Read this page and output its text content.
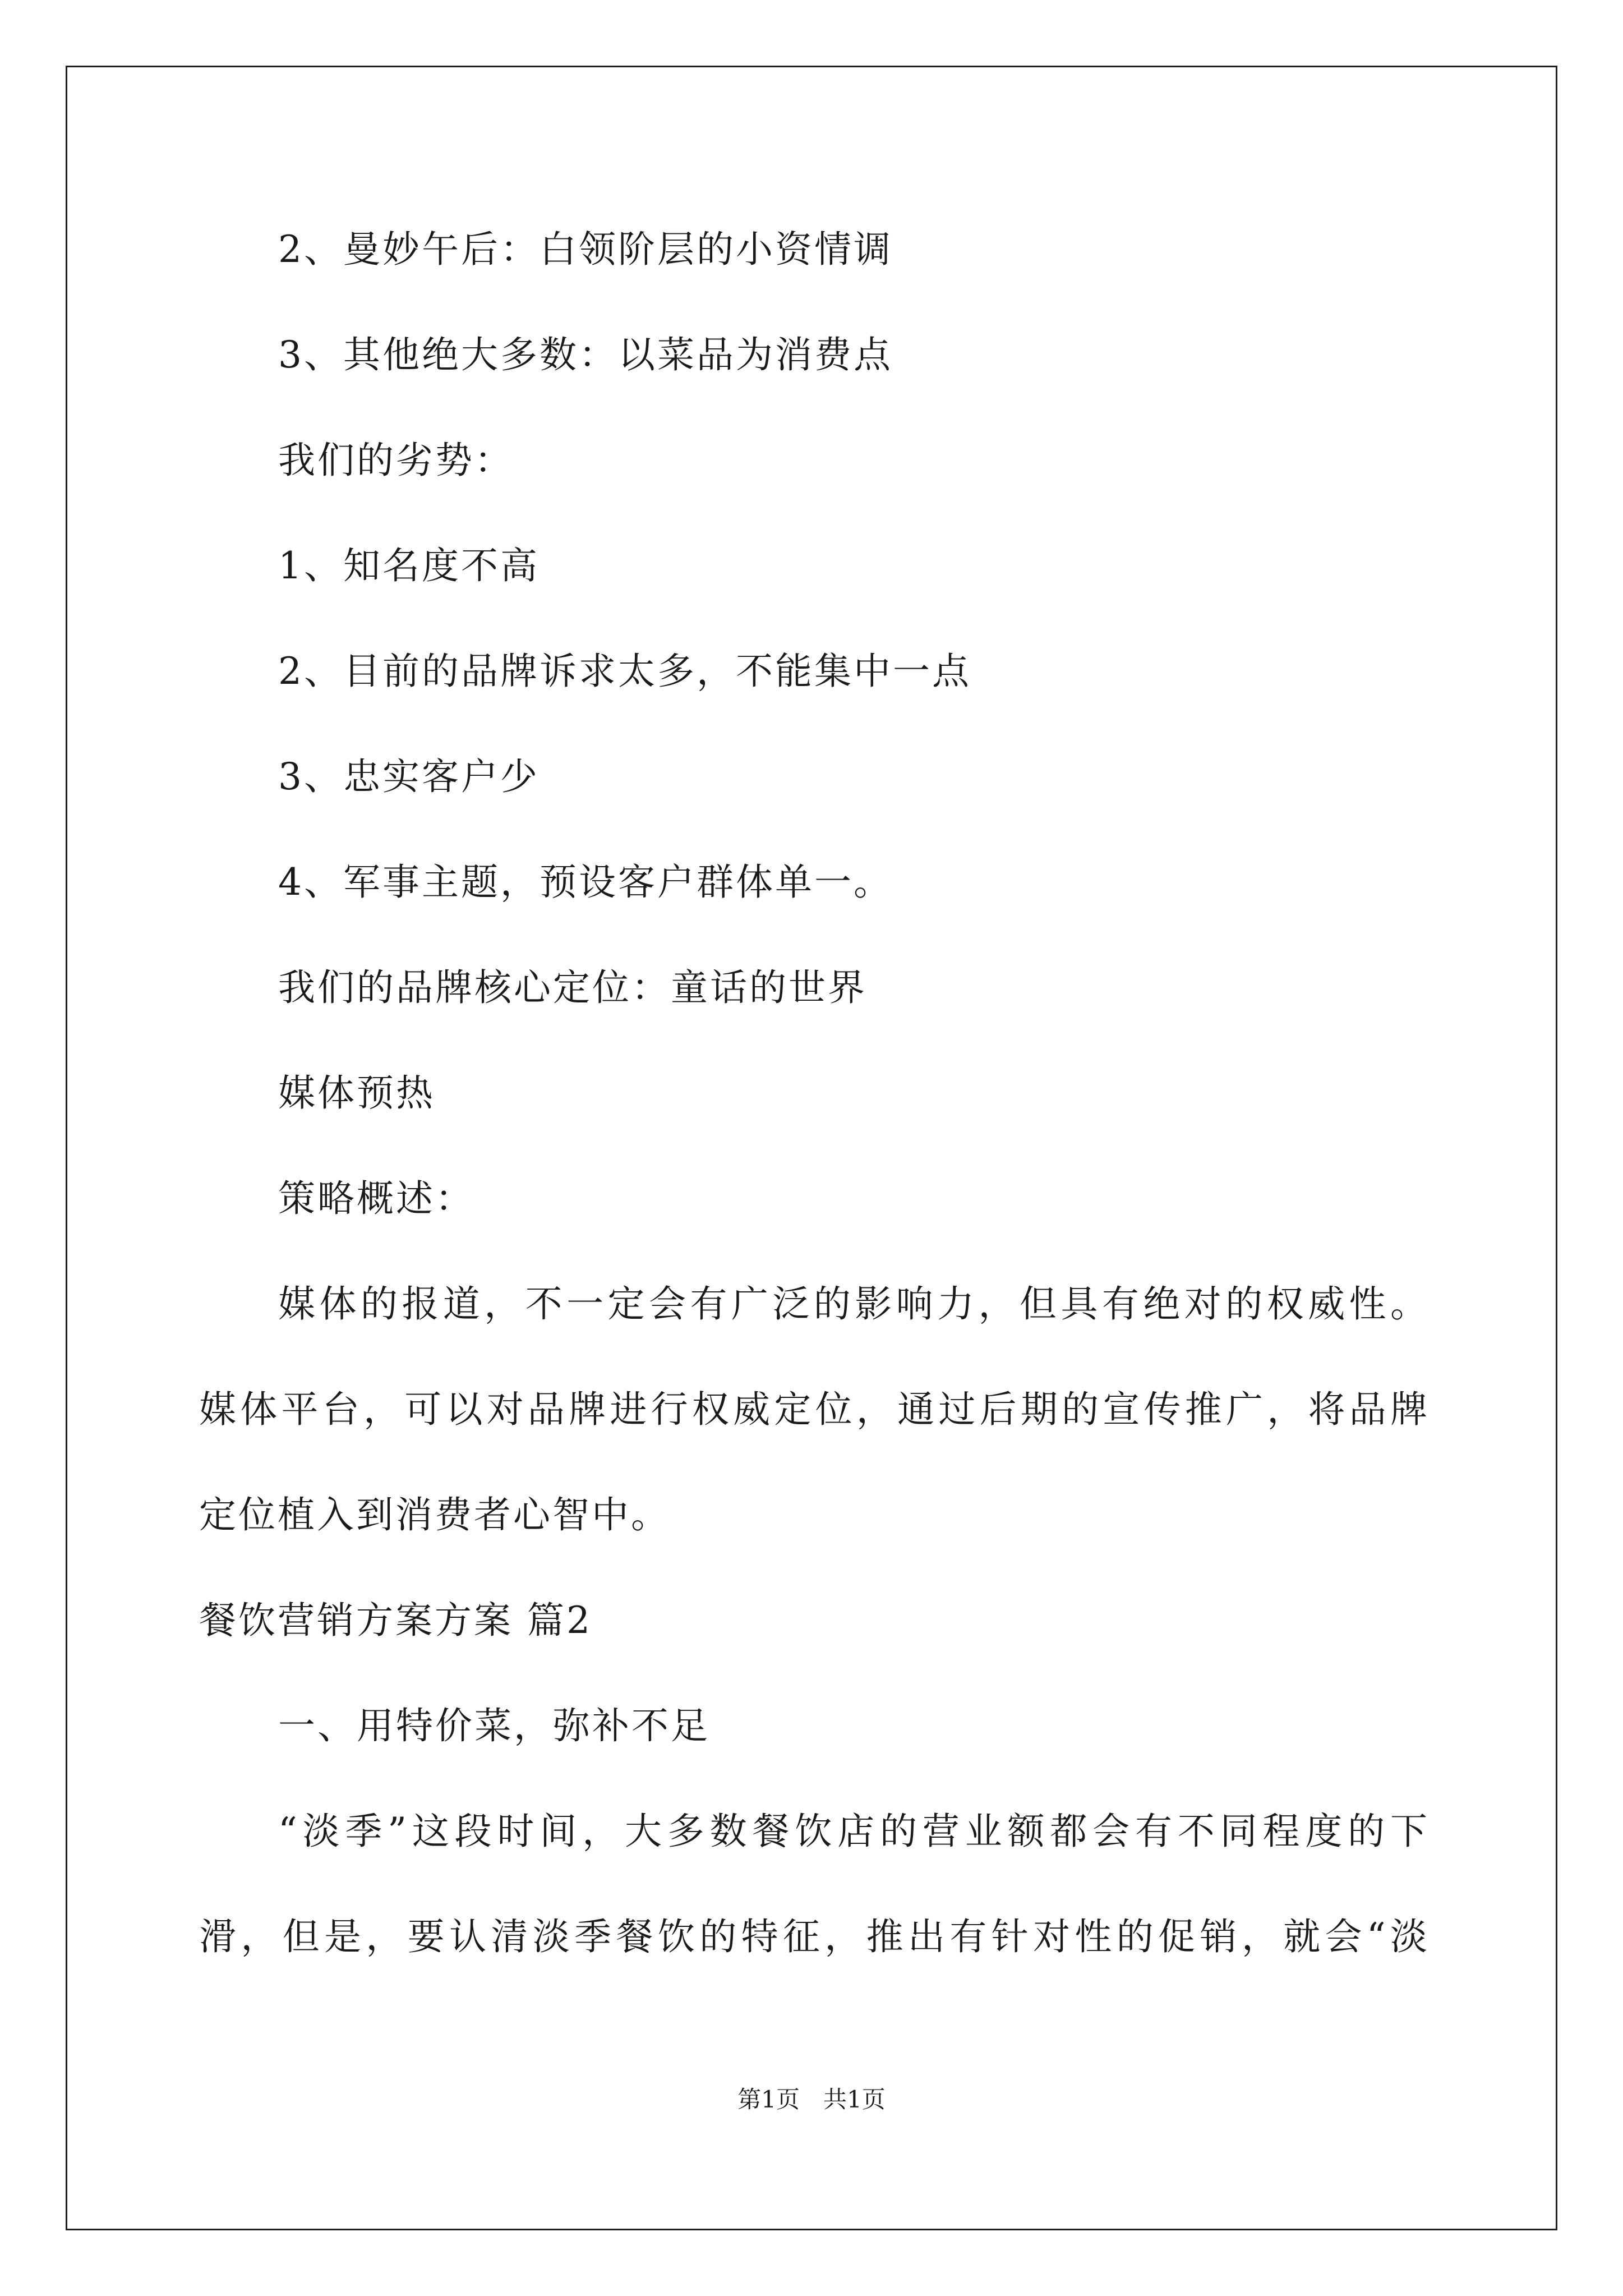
2、曼妙午后：白领阶层的小资情调
3、其他绝大多数：以菜品为消费点
我们的劣势：
1、知名度不高
2、目前的品牌诉求太多，不能集中一点
3、忠实客户少
4、军事主题，预设客户群体单一。
我们的品牌核心定位：童话的世界
媒体预热
策略概述：
媒体的报道，不一定会有广泛的影响力，但具有绝对的权威性。
媒体平台，可以对品牌进行权威定位，通过后期的宣传推广，将品牌
定位植入到消费者心智中。
餐饮营销方案方案 篇2
一、用特价菜，弥补不足
“淡季”这段时间，大多数餐饮店的营业额都会有不同程度的下
滑，但是，要认清淡季餐饮的特征，推出有针对性的促销，就会“淡
第1页　共1页
